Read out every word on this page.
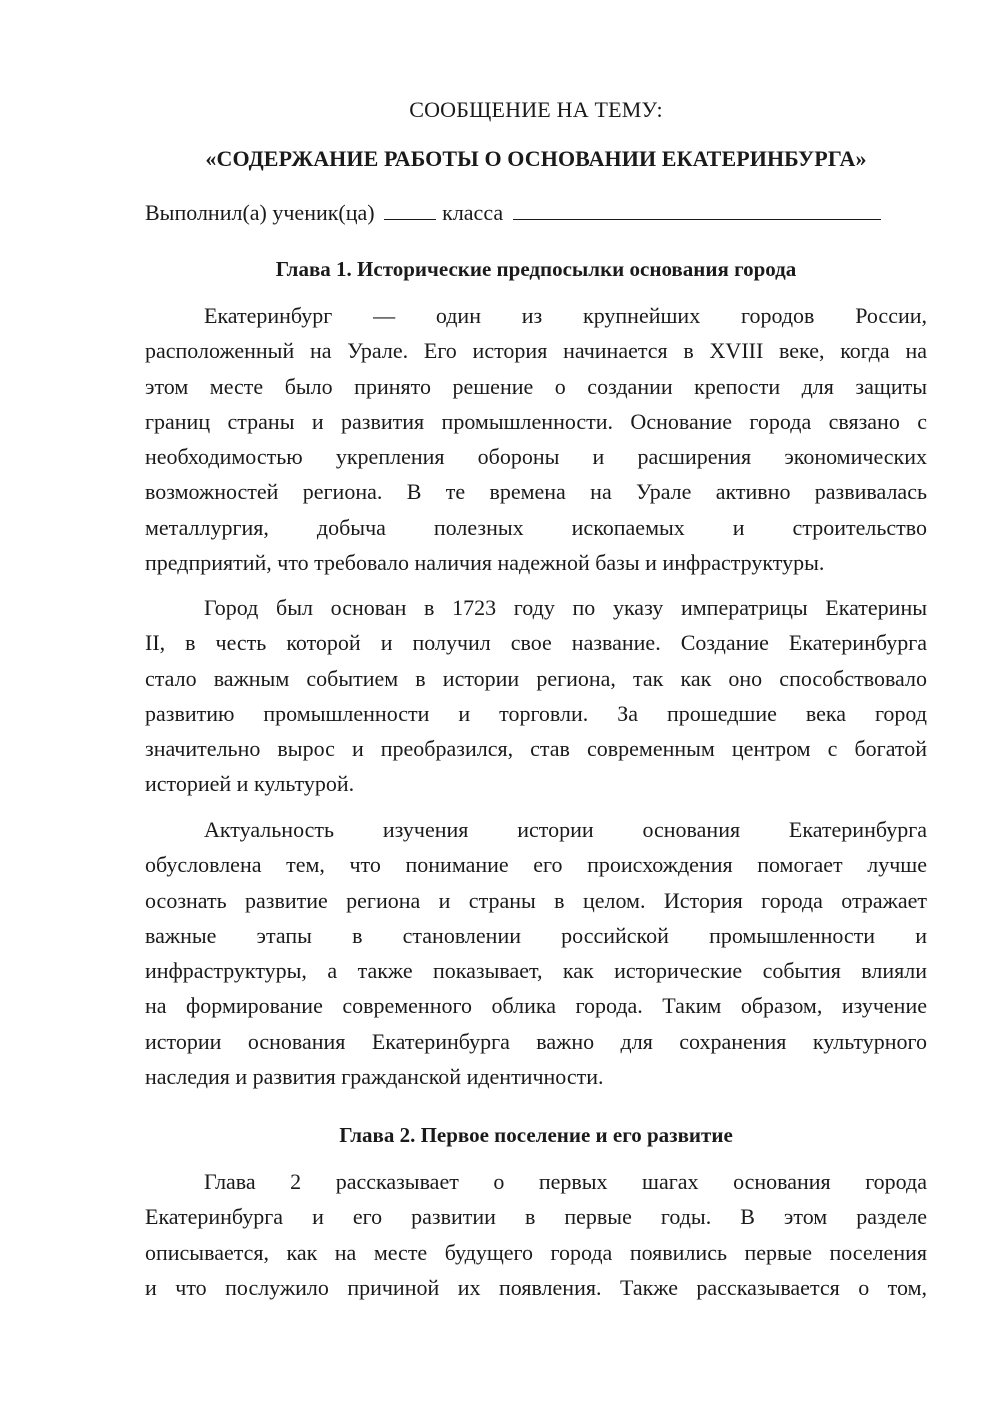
СООБЩЕНИЕ НА ТЕМУ:
«СОДЕРЖАНИЕ РАБОТЫ О ОСНОВАНИИ ЕКАТЕРИНБУРГА»
Выполнил(а) ученик(ца)	класса
Глава 1. Исторические предпосылки основания города
Екатеринбург — один из крупнейших городов России,
расположенный на Урале. Его история начинается в XVIII веке, когда на
этом месте было принято решение о создании крепости для защиты
границ страны и развития промышленности. Основание города связано с
необходимостью укрепления обороны и расширения экономических
возможностей региона. В те времена на Урале активно развивалась
металлургия, добыча полезных ископаемых и строительство
предприятий, что требовало наличия надежной базы и инфраструктуры.
Город был основан в 1723 году по указу императрицы Екатерины
II, в честь которой и получил свое название. Создание Екатеринбурга
стало важным событием в истории региона, так как оно способствовало
развитию промышленности и торговли. За прошедшие века город
значительно вырос и преобразился, став современным центром с богатой
историей и культурой.
Актуальность изучения истории основания Екатеринбурга
обусловлена тем, что понимание его происхождения помогает лучше
осознать развитие региона и страны в целом. История города отражает
важные этапы в становлении российской промышленности и
инфраструктуры, а также показывает, как исторические события влияли
на формирование современного облика города. Таким образом, изучение
истории основания Екатеринбурга важно для сохранения культурного
наследия и развития гражданской идентичности.
Глава 2. Первое поселение и его развитие
Глава 2 рассказывает о первых шагах основания города
Екатеринбурга и его развитии в первые годы. В этом разделе
описывается, как на месте будущего города появились первые поселения
и что послужило причиной их появления. Также рассказывается о том,
